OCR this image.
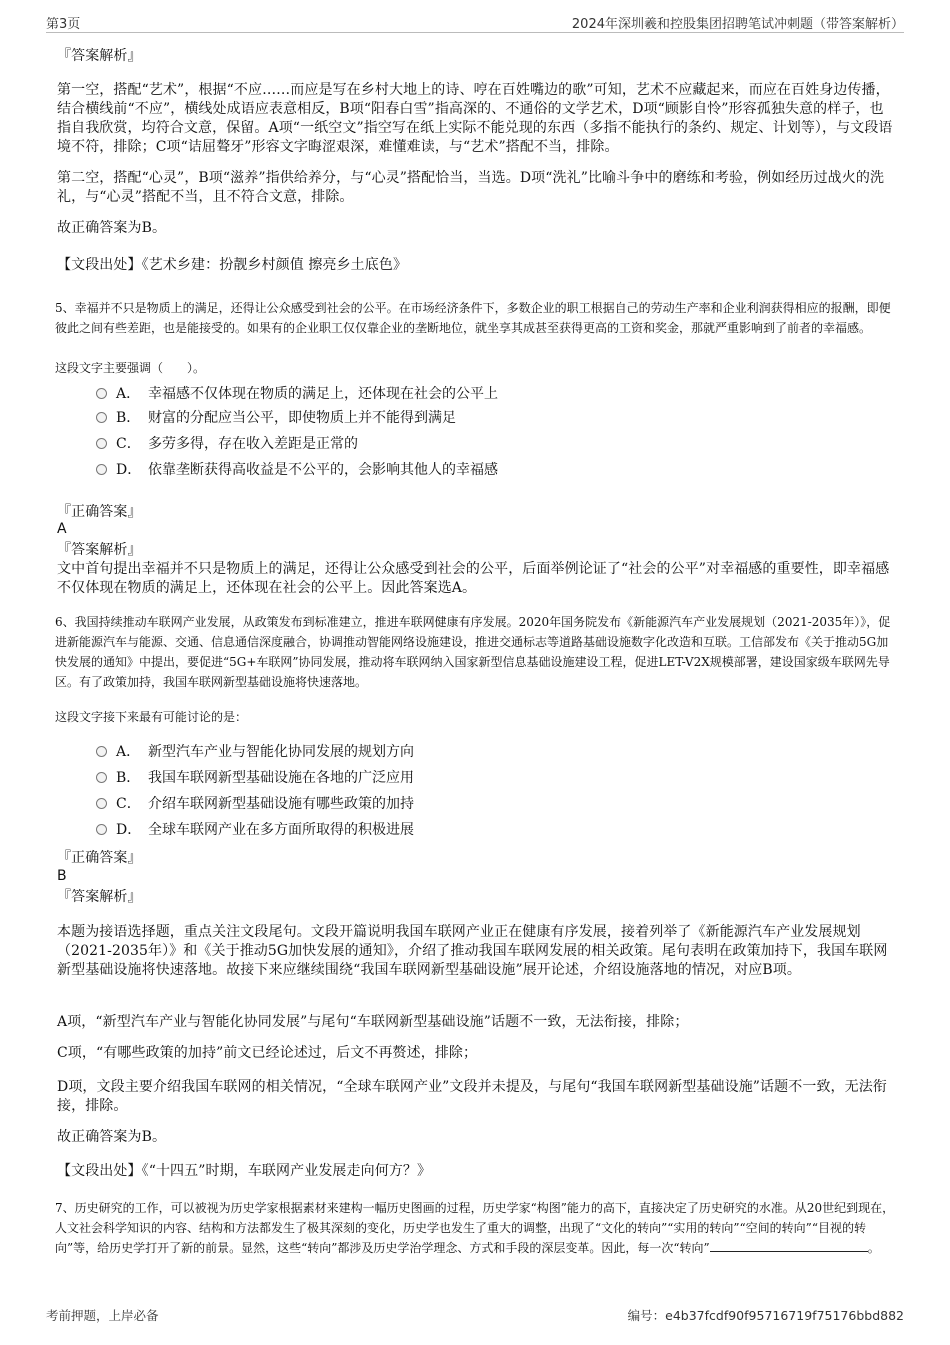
第3页	2024年深圳羲和控股集团招聘笔试冲刺题（带答案解析）
『答案解析』
第一空，搭配“艺术”，根据“不应……而应是写在乡村大地上的诗、哼在百姓嘴边的歌”可知，艺术不应藏起来，而应在百姓身边传播，结合横线前“不应”，横线处成语应表意相反，B项“阳春白雪”指高深的、不通俗的文学艺术，D项“顾影自怜”形容孤独失意的样子，也指自我欣赏，均符合文意，保留。A项“一纸空文”指空写在纸上实际不能兑现的东西（多指不能执行的条约、规定、计划等），与文段语境不符，排除；C项“诘屈聱牙”形容文字晦涩艰深，难懂难读，与“艺术”搭配不当，排除。
第二空，搭配“心灵”，B项“滋养”指供给养分，与“心灵”搭配恰当，当选。D项“洗礼”比喻斗争中的磨练和考验，例如经历过战火的洗礼，与“心灵”搭配不当，且不符合文意，排除。
故正确答案为B。
【文段出处】《艺术乡建：扮靓乡村颜值 擦亮乡土底色》
5、幸福并不只是物质上的满足，还得让公众感受到社会的公平。在市场经济条件下，多数企业的职工根据自己的劳动生产率和企业利润获得相应的报酬，即便彼此之间有些差距，也是能接受的。如果有的企业职工仅仅靠企业的垄断地位，就坐享其成甚至获得更高的工资和奖金，那就严重影响到了前者的幸福感。
这段文字主要强调（　　）。
A． 幸福感不仅体现在物质的满足上，还体现在社会的公平上
B． 财富的分配应当公平，即使物质上并不能得到满足
C． 多劳多得，存在收入差距是正常的
D． 依靠垄断获得高收益是不公平的，会影响其他人的幸福感
『正确答案』
A
『答案解析』
文中首句提出幸福并不只是物质上的满足，还得让公众感受到社会的公平，后面举例论证了“社会的公平”对幸福感的重要性，即幸福感不仅体现在物质的满足上，还体现在社会的公平上。因此答案选A。
6、我国持续推动车联网产业发展，从政策发布到标准建立，推进车联网健康有序发展。2020年国务院发布《新能源汽车产业发展规划（2021-2035年）》，促进新能源汽车与能源、交通、信息通信深度融合，协调推动智能网络设施建设，推进交通标志等道路基础设施数字化改造和互联。工信部发布《关于推动5G加快发展的通知》中提出，要促进“5G+车联网”协同发展，推动将车联网纳入国家新型信息基础设施建设工程，促进LET-V2X规模部署，建设国家级车联网先导区。有了政策加持，我国车联网新型基础设施将快速落地。
这段文字接下来最有可能讨论的是：
A． 新型汽车产业与智能化协同发展的规划方向
B． 我国车联网新型基础设施在各地的广泛应用
C． 介绍车联网新型基础设施有哪些政策的加持
D． 全球车联网产业在多方面所取得的积极进展
『正确答案』
B
『答案解析』
本题为接语选择题，重点关注文段尾句。文段开篇说明我国车联网产业正在健康有序发展，接着列举了《新能源汽车产业发展规划（2021-2035年）》和《关于推动5G加快发展的通知》，介绍了推动我国车联网发展的相关政策。尾句表明在政策加持下，我国车联网新型基础设施将快速落地。故接下来应继续围绕“我国车联网新型基础设施”展开论述，介绍设施落地的情况，对应B项。
A项，“新型汽车产业与智能化协同发展”与尾句“车联网新型基础设施”话题不一致，无法衔接，排除；
C项，“有哪些政策的加持”前文已经论述过，后文不再赘述，排除；
D项，文段主要介绍我国车联网的相关情况，“全球车联网产业”文段并未提及，与尾句“我国车联网新型基础设施”话题不一致，无法衔接，排除。
故正确答案为B。
【文段出处】《“十四五”时期，车联网产业发展走向何方？》
7、历史研究的工作，可以被视为历史学家根据素材来建构一幅历史图画的过程，历史学家“构图”能力的高下，直接决定了历史研究的水准。从20世纪到现在，人文社会科学知识的内容、结构和方法都发生了极其深刻的变化，历史学也发生了重大的调整，出现了“文化的转向”“实用的转向”“空间的转向”“目视的转向”等，给历史学打开了新的前景。显然，这些“转向”都涉及历史学治学理念、方式和手段的深层变革。因此，每一次“转向”	。
考前押题，上岸必备	编号：e4b37fcdf90f95716719f75176bbd882
